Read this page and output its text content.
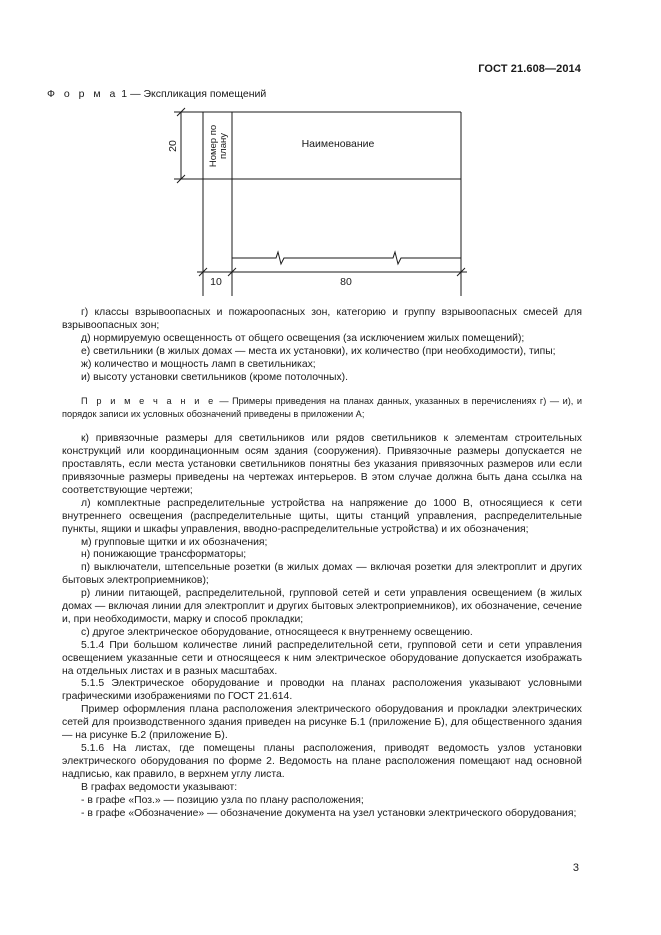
ГОСТ 21.608—2014
Ф о р м а 1 — Экспликация помещений
20	Номер по плану	Наименование
10	80

г) классы взрывоопасных и пожароопасных зон, категорию и группу взрывоопасных смесей для взрывоопасных зон;

д) нормируемую освещенность от общего освещения (за исключением жилых помещений);

е) светильники (в жилых домах — места их установки), их количество (при необходимости), типы;

ж) количество и мощность ламп в светильниках;

и) высоту установки светильников (кроме потолочных).

П р и м е ч а н и е — Примеры приведения на планах данных, указанных в перечислениях г) — и), и порядок записи их условных обозначений приведены в приложении А;

к) привязочные размеры для светильников или рядов светильников к элементам строительных конструкций или координационным осям здания (сооружения). Привязочные размеры допускается не проставлять, если места установки светильников понятны без указания привязочных размеров или если привязочные размеры приведены на чертежах интерьеров. В этом случае должна быть дана ссылка на соответствующие чертежи;

л) комплектные распределительные устройства на напряжение до 1000 В, относящиеся к сети внутреннего освещения (распределительные щиты, щиты станций управления, распределительные пункты, ящики и шкафы управления, вводно-распределительные устройства) и их обозначения;

м) групповые щитки и их обозначения;

н) понижающие трансформаторы;

п) выключатели, штепсельные розетки (в жилых домах — включая розетки для электроплит и других бытовых электроприемников);

р) линии питающей, распределительной, групповой сетей и сети управления освещением (в жилых домах — включая линии для электроплит и других бытовых электроприемников), их обозначение, сечение и, при необходимости, марку и способ прокладки;

с) другое электрическое оборудование, относящееся к внутреннему освещению.

5.1.4 При большом количестве линий распределительной сети, групповой сети и сети управления освещением указанные сети и относящееся к ним электрическое оборудование допускается изображать на отдельных листах и в разных масштабах.

5.1.5 Электрическое оборудование и проводки на планах расположения указывают условными графическими изображениями по ГОСТ 21.614.

Пример оформления плана расположения электрического оборудования и прокладки электрических сетей для производственного здания приведен на рисунке Б.1 (приложение Б), для общественного здания — на рисунке Б.2 (приложение Б).

5.1.6 На листах, где помещены планы расположения, приводят ведомость узлов установки электрического оборудования по форме 2. Ведомость на плане расположения помещают над основной надписью, как правило, в верхнем углу листа.

В графах ведомости указывают:

- в графе «Поз.» — позицию узла по плану расположения;

- в графе «Обозначение» — обозначение документа на узел установки электрического оборудования;

3
